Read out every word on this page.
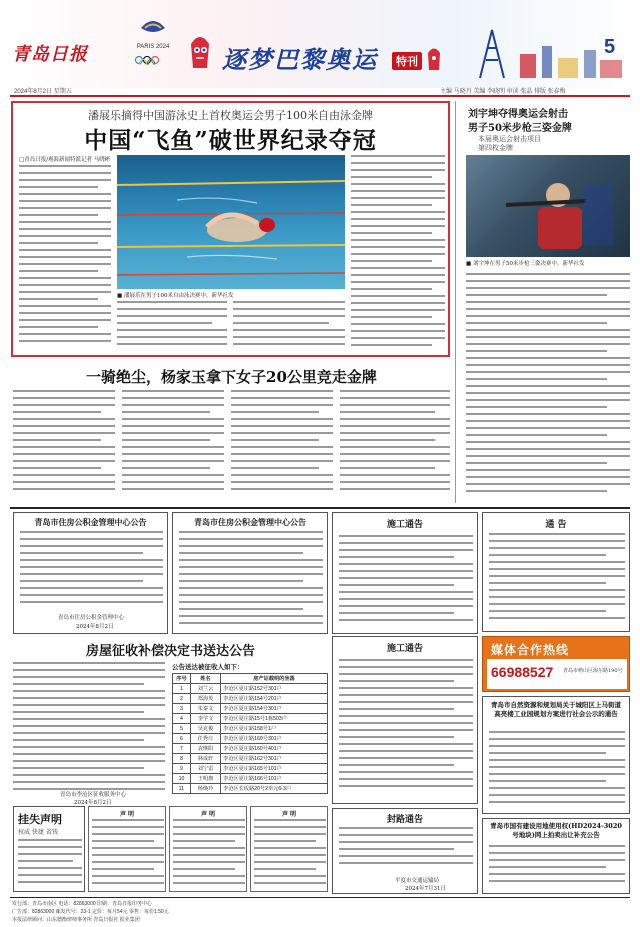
青岛日报	PARIS 2024	逐梦巴黎奥运	特刊
5
2024年8月2日 星期五	主编 马晓丹 美编 李晓明 审读 张晶 排版 张春梅
潘展乐摘得中国游泳史上首枚奥运会男子100米自由泳金牌
中国“飞鱼”破世界纪录夺冠
□青岛日报/观海新闻特派记者 马晓彬
■ 潘展乐在男子100米自由泳决赛中。新华社发
刘宇坤夺得奥运会射击
男子50米步枪三姿金牌
本届奥运会射击项目
第四枚金牌
■ 刘宇坤在男子50米步枪三姿决赛中。新华社发
一骑绝尘，杨家玉拿下女子20公里竞走金牌
青岛市住房公积金管理中心公告
青岛市住房公积金管理中心
2024年8月2日
青岛市住房公积金管理中心公告	施工通告	通 告
媒体合作热线
66988527 青岛市崂山区海尔路190号
房屋征收补偿决定书送达公告
青岛市李沧区征收服务中心
2024年8月2日
公告送达被征收人如下：
序号	姓名	房产证载明的坐落
1	刘兰云	李沧区夏庄路152号301户
2	郑海英	李沧区夏庄路154号201户
3	朱秦文	李沧区夏庄路154号301户
4	李学文	李沧区夏庄路15号1栋503户
5	吴克俊	李沧区夏庄路158号1户
6	任秀庄	李沧区夏庄路160号301户
7	袁继阳	李沧区夏庄路160号401户
8	林成轩	李沧区夏庄路162号301户
9	刘宁雷	李沧区夏庄路165号101户
10	王明旗	李沧区夏庄路166号101户
11	杨焕玲	李沧区长坂路20号2单元6-3户
施工通告
青岛市自然资源和规划局关于城阳区上马街道高亮楼工业园规划方案进行社会公示的通告
挂失声明
权威 快捷 省钱
声 明	声 明	声 明
封路通告
平度市交通运输局
2024年7月31日
青岛市国有建设用地使用权(HD2024-3020号地块)网上拍卖出让补充公告
发行部：青岛市南区 电话：82863000 印刷：青岛日报印务中心
广告部：82863000 邮发代号：23-1 定价：每月54元 零售：每份1.50元
本报法律顾问：山东德衡律师事务所 青岛日报社 报业集团
